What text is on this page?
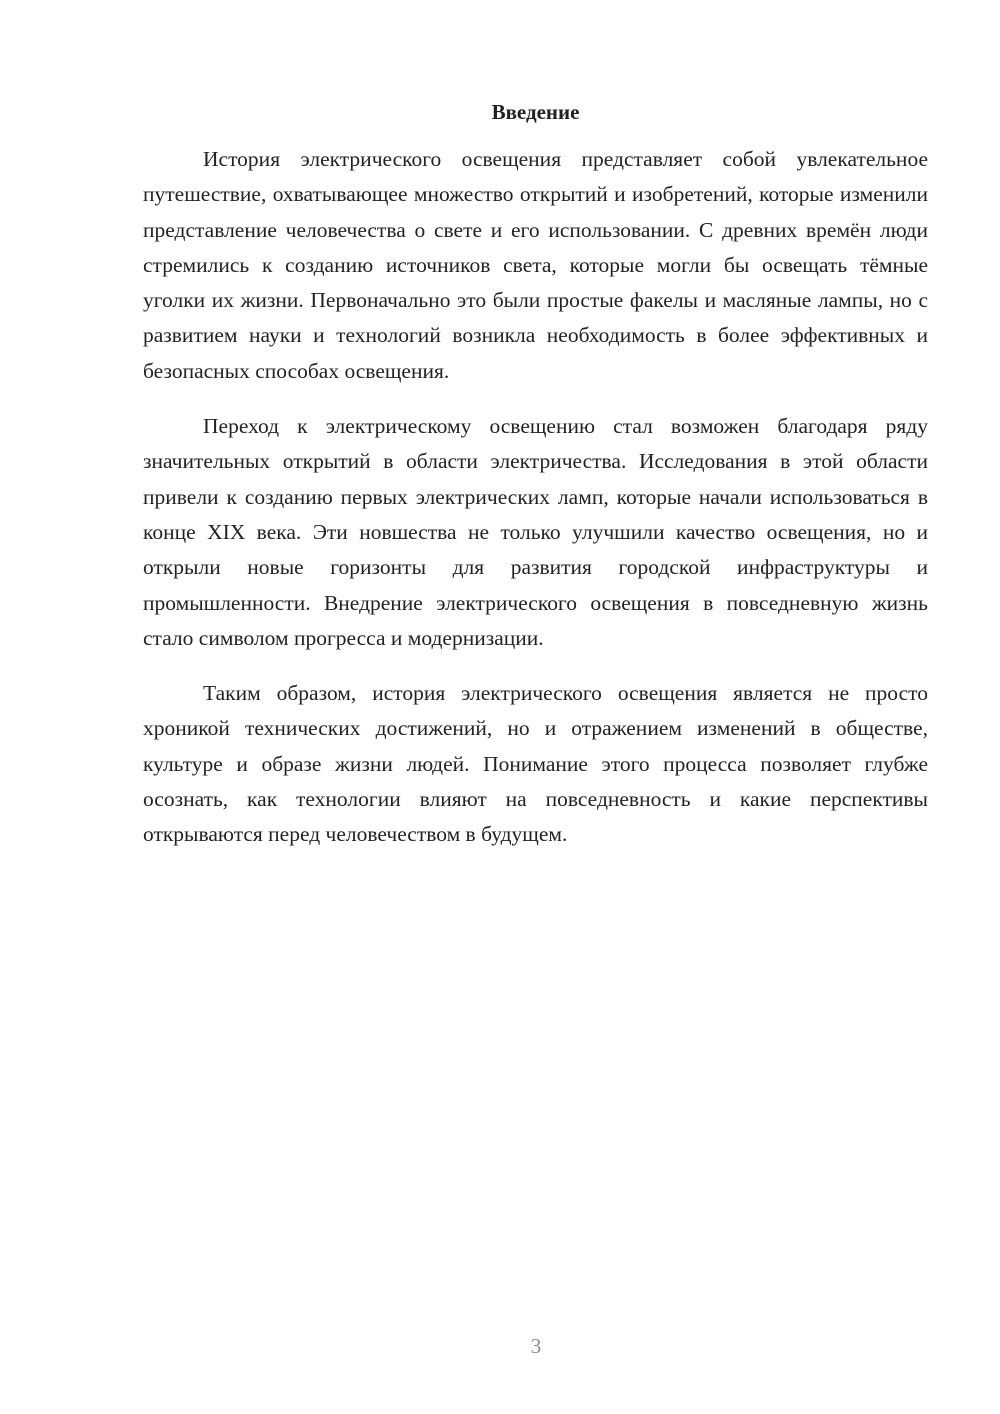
Введение

История электрического освещения представляет собой увлекательное путешествие, охватывающее множество открытий и изобретений, которые изменили представление человечества о свете и его использовании. С древних времён люди стремились к созданию источников света, которые могли бы освещать тёмные уголки их жизни. Первоначально это были простые факелы и масляные лампы, но с развитием науки и технологий возникла необходимость в более эффективных и безопасных способах освещения.

Переход к электрическому освещению стал возможен благодаря ряду значительных открытий в области электричества. Исследования в этой области привели к созданию первых электрических ламп, которые начали использоваться в конце XIX века. Эти новшества не только улучшили качество освещения, но и открыли новые горизонты для развития городской инфраструктуры и промышленности. Внедрение электрического освещения в повседневную жизнь стало символом прогресса и модернизации.

Таким образом, история электрического освещения является не просто хроникой технических достижений, но и отражением изменений в обществе, культуре и образе жизни людей. Понимание этого процесса позволяет глубже осознать, как технологии влияют на повседневность и какие перспективы открываются перед человечеством в будущем.

3
